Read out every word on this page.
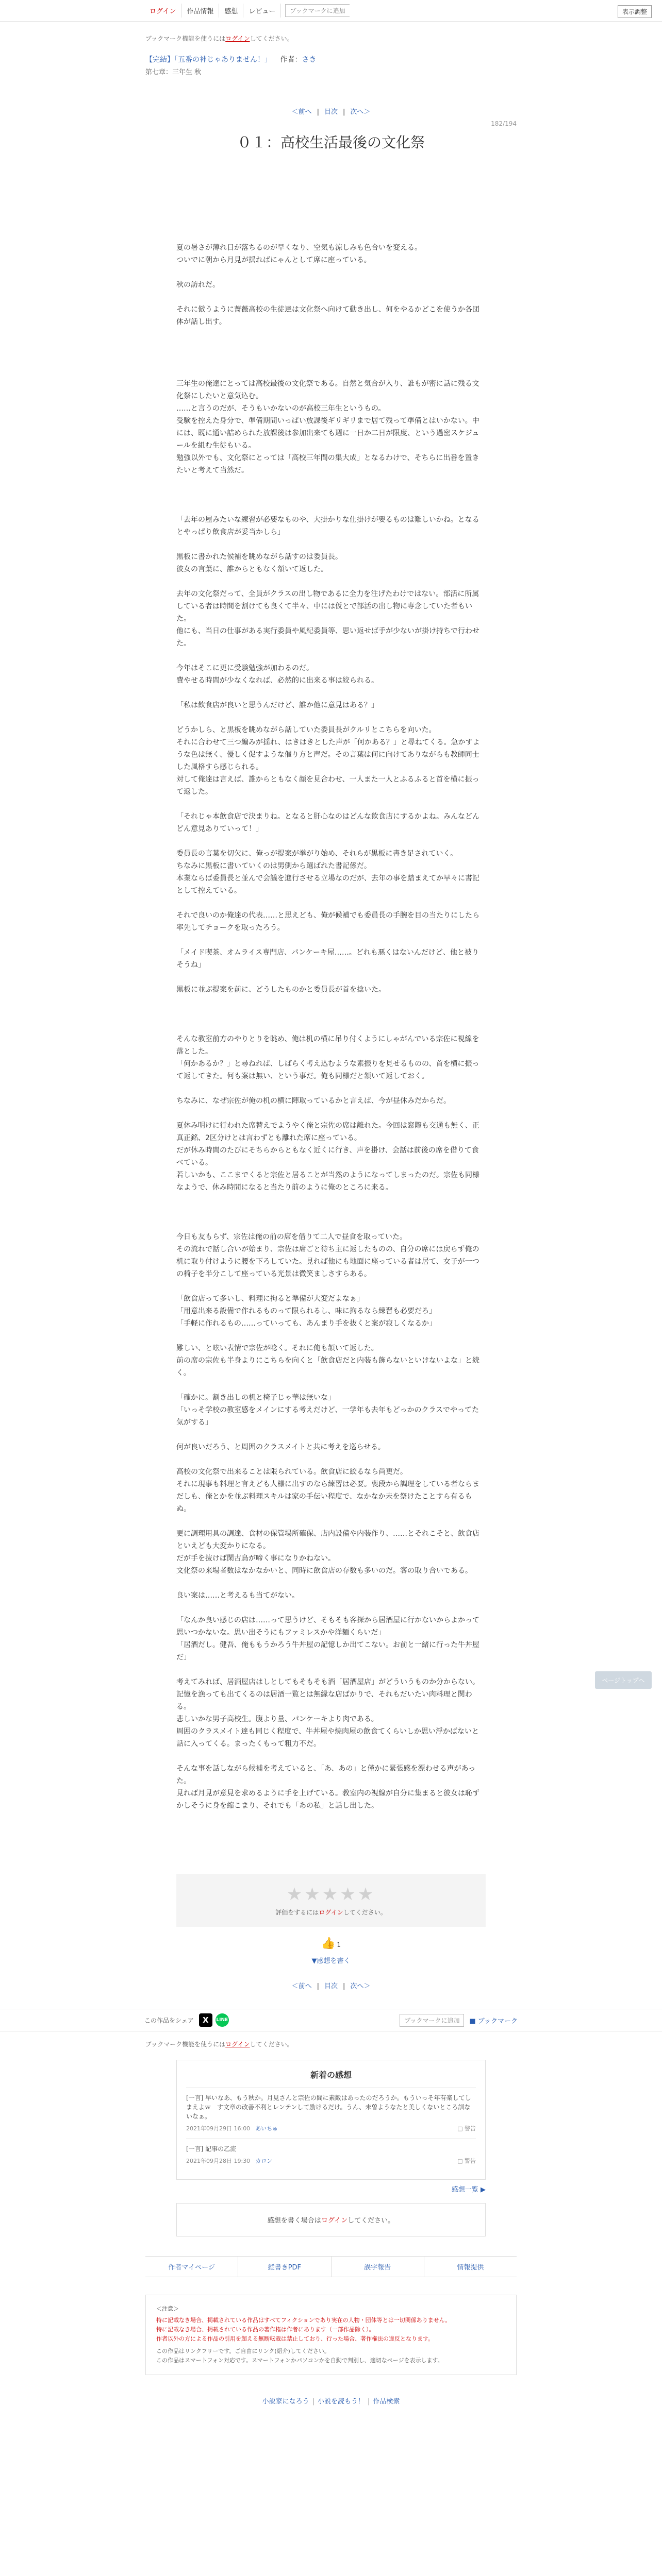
ログイン	作品情報	感想	レビュー	ブックマークに追加	表示調整
ブックマーク機能を使うにはログインしてください。
【完結】「五番の神じゃありません！」 作者：さき
第七章：三年生 秋
＜前へ | 目次 | 次へ＞
182/194
０１：高校生活最後の文化祭

夏の暑さが薄れ日が落ちるのが早くなり、空気も涼しみも色合いを変える。

ついでに朝から月見が揺ればにゃんとして席に座っている。

秋の訪れだ。

それに倣うように薔薇高校の生徒達は文化祭へ向けて動き出し、何をやるかどこを使うか各団体が話し出す。

三年生の俺達にとっては高校最後の文化祭である。自然と気合が入り、誰もが密に話に残る文化祭にしたいと意気込む。

……と言うのだが、そうもいかないのが高校三年生というもの。

受験を控えた身分で、準備期間いっぱい放課後ギリギリまで居て残って準備とはいかない。中には、既に通い詰められた放課後は参加出来ても週に一日か二日が限度、という過密スケジュールを組む生徒もいる。

勉強以外でも、文化祭にとっては「高校三年間の集大成」となるわけで、そちらに出番を置きたいと考えて当然だ。

「去年の屋みたいな練習が必要なものや、大掛かりな仕掛けが要るものは難しいかね。となるとやっぱり飲食店が妥当かしら」

黒板に書かれた候補を眺めながら話すのは委員長。

彼女の言葉に、誰からともなく頷いて返した。

去年の文化祭だって、全員がクラスの出し物であるに全力を注げたわけではない。部活に所属している者は時間を割けても良くて半々、中には仮とで部活の出し物に専念していた者もいた。

他にも、当日の仕事がある実行委員や風紀委員等、思い返せば手が少ないが掛け持ちで行わせた。

今年はそこに更に受験勉強が加わるのだ。

費やせる時間が少なくなれば、必然的に出来る事は絞られる。

「私は飲食店が良いと思うんだけど、誰か他に意見はある？」

どうかしら、と黒板を眺めながら話していた委員長がクルリとこちらを向いた。

それに合わせて三つ編みが揺れ、はきはきとした声が「何かある？」と尋ねてくる。急かすような色は無く、優しく促すような催り方と声だ。その言葉は何に向けてありながらも教師同士した風格すら感じられる。

対して俺達は言えば、誰からともなく顔を見合わせ、一人また一人とふるふると首を横に振って返した。

「それじゃ本飲食店で決まりね。となると肝心なのはどんな飲食店にするかよね。みんなどんどん意見ありていって！」

委員長の言葉を切欠に、俺っが提案が挙がり始め、それらが黒板に書き足されていく。

ちなみに黒板に書いていくのは男側から選ばれた書記係だ。

本業ならば委員長と並んで会議を進行させる立場なのだが、去年の事を踏まえてか早々に書記として控えている。

それで良いのか俺達の代表……と思えども、俺が候補でも委員長の手腕を目の当たりにしたら率先してチョークを取ったろう。

「メイド喫茶、オムライス専門店、パンケーキ屋……。どれも悪くはないんだけど、他と被りそうね」

黒板に並ぶ提案を前に、どうしたものかと委員長が首を捻いた。

そんな教室前方のやりとりを眺め、俺は机の横に吊り付くようにしゃがんでいる宗佐に視線を落とした。

「何かあるか？」と尋ねれば、しばらく考え込むような素振りを見せるものの、首を横に振って返してきた。何も案は無い、という事だ。俺も同様だと頷いて返しておく。

ちなみに、なぜ宗佐が俺の机の横に陣取っているかと言えば、今が昼休みだからだ。

夏休み明けに行われた席替えでようやく俺と宗佐の席は離れた。今回は窓際も交通も無く、正真正銘、2区分けとは言わずとも離れた席に座っている。

だが休み時間のたびにそちらからともなく近くに行き、声を掛け、会話は前後の席を借りて食べている。

若しいかも、ここまでくると宗佐と居ることが当然のようになってしまったのだ。宗佐も同様なようで、休み時間になると当たり前のように俺のところに来る。

今日も友もらず、宗佐は俺の前の席を借りて二人で昼食を取っていた。

その流れで話し合いが始まり、宗佐は席ごと待ち主に返したものの、自分の席には戻らず俺の机に取り付けように腰を下ろしていた。見れば他にも地面に座っている者は居て、女子が一つの椅子を半分こして座っている光景は微笑ましさすらある。

「飲食店って多いし、料理に拘ると準備が大変だよなぁ」

「用意出来る設備で作れるものって限られるし、味に拘るなら練習も必要だろ」

「手軽に作れるもの……っていっても、あんまり手を抜くと案が寂しくなるか」

難しい、と呟い表情で宗佐が唸く。それに俺も頷いて返した。

前の席の宗佐も半身よりにこちらを向くと「飲食店だと内装も飾らないといけないよな」と続く。

「確かに。割き出しの机と椅子じゃ華は無いな」

「いっそ学校の教室感をメインにする考えだけど、一学年も去年もどっかのクラスでやってた気がする」

何が良いだろう、と周囲のクラスメイトと共に考えを巡らせる。

高校の文化祭で出来ることは限られている。飲食店に絞るなら尚更だ。

それに現事も料理と言えども人様に出すのなら練習は必要。喪段から調理をしている者ならまだしも、俺とかを並ぶ料理スキルは家の手伝い程度で、なかなか未を祭けたことすら有るもぬ。

更に調理用具の調達、食材の保管場所確保、店内設備や内装作り、……とそれこそと、飲食店といえども大変かりになる。

だが手を抜けば閑古鳥が啼く事になりかねない。

文化祭の来場者数はなかなかいと、同時に飲食店の存数も多いのだ。客の取り合いである。

良い案は……と考えるも当てがない。

「なんか良い感じの店は……って思うけど、そもそも客探から居酒屋に行かないからよかって思いつかないな。思い出そうにもファミレスかや洋麺くらいだ」

「居酒だし。健吾、俺ももうかろう牛丼屋の記憶しか出てこない。お前と一緒に行った牛丼屋だ」

考えてみれば、居酒屋店はしとしてもそもそも酒「居酒屋店」がどういうものか分からない。

記憶を漁っても出てくるのは居酒一覧とは無縁な店ばかりで、それもだいたい肉料理と関わる。

悲しいかな男子高校生。腹より量、パンケーキより肉である。

周囲のクラスメイト達も同じく程度で、牛丼屋や焼肉屋の飲食てくらいしか思い浮かばないと話に入ってくる。まったくもって粗力不だ。

そんな事を話しながら候補を考えていると、「あ、あの」と僅かに緊張感を漂わせる声があった。

見れば月見が意見を求めるように手を上げている。教室内の視線が自分に集まると彼女は恥ずかしそうに身を縮こまり、それでも「あの私」と話し出した。

★★★★★
評価をするにはログインしてください。
👍 1
▼感想を書く
＜前へ | 目次 | 次へ＞
この作品をシェア	X	LINE	ブックマークに追加	■ ブックマーク
ブックマーク機能を使うにはログインしてください。
新着の感想
[一言] 早いなあ、もう秋か。月見さんと宗佐の間に素敵はあったのだろうか。もういっそ年有楽してしまえよｗ　す文章の改善不利とレンテンして励けるだけ。うん、未曽ようなたと美しくないところ訓ないなぁ。
2021年09月29日 16:00 あいちゅ	□ 警告
[一言] 記事の乙流
2021年09月28日 19:30 カロン	□ 警告
感想一覧 ▶
感想を書く場合はログインしてください。
作者マイページ	縦書きPDF	誤字報告	情報提供
＜注意＞
特に記載なき場合、掲載されている作品はすべてフィクションであり実在の人物・団体等とは一切関係ありません。
特に記載なき場合、掲載されている作品の著作権は作者にあります（一部作品除く）。
作者以外の方による作品の引用を超える無断転載は禁止しており、行った場合、著作権法の違反となります。
この作品はリンクフリーです。ご自由にリンク(紹介)してください。
この作品はスマートフォン対応です。スマートフォンかパソコンかを自動で判別し、適切なページを表示します。
小説家になろう | 小説を読もう！ | 作品検索
ページトップへ
